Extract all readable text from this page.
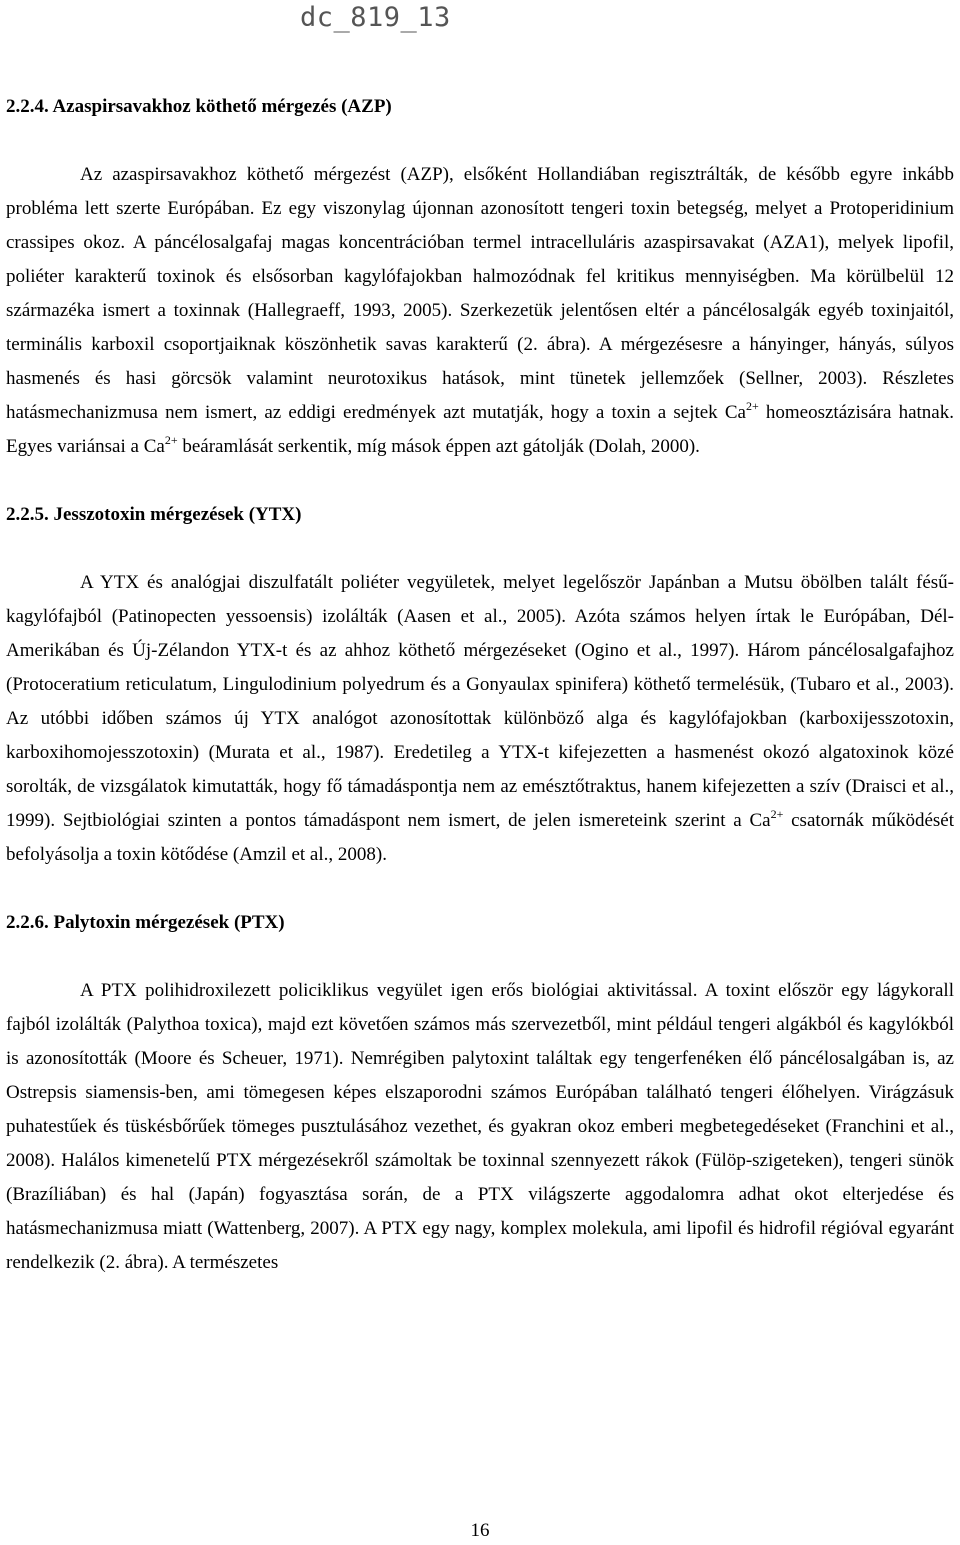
dc_819_13
2.2.4. Azaspirsavakhoz köthető mérgezés (AZP)

Az azaspirsavakhoz köthető mérgezést (AZP), elsőként Hollandiában regisztrálták, de később egyre inkább probléma lett szerte Európában. Ez egy viszonylag újonnan azonosított tengeri toxin betegség, melyet a Protoperidinium crassipes okoz. A páncélosalgafaj magas koncentrációban termel intracelluláris azaspirsavakat (AZA1), melyek lipofil, poliéter karakterű toxinok és elsősorban kagylófajokban halmozódnak fel kritikus mennyiségben. Ma körülbelül 12 származéka ismert a toxinnak (Hallegraeff, 1993, 2005). Szerkezetük jelentősen eltér a páncélosalgák egyéb toxinjaitól, terminális karboxil csoportjaiknak köszönhetik savas karakterű (2. ábra). A mérgezésesre a hányinger, hányás, súlyos hasmenés és hasi görcsök valamint neurotoxikus hatások, mint tünetek jellemzőek (Sellner, 2003). Részletes hatásmechanizmusa nem ismert, az eddigi eredmények azt mutatják, hogy a toxin a sejtek $Ca^{2+}$ homeosztázisára hatnak. Egyes variánsai a $Ca^{2+}$ beáramlását serkentik, míg mások éppen azt gátolják (Dolah, 2000).

2.2.5. Jesszotoxin mérgezések (YTX)

A YTX és analógjai diszulfatált poliéter vegyületek, melyet legelőször Japánban a Mutsu öbölben talált fésű-kagylófajból (Patinopecten yessoensis) izolálták (Aasen et al., 2005). Azóta számos helyen írtak le Európában, Dél-Amerikában és Új-Zélandon YTX-t és az ahhoz köthető mérgezéseket (Ogino et al., 1997). Három páncélosalgafajhoz (Protoceratium reticulatum, Lingulodinium polyedrum és a Gonyaulax spinifera) köthető termelésük, (Tubaro et al., 2003). Az utóbbi időben számos új YTX analógot azonosítottak különböző alga és kagylófajokban (karboxijesszotoxin, karboxihomojesszotoxin) (Murata et al., 1987). Eredetileg a YTX-t kifejezetten a hasmenést okozó algatoxinok közé sorolták, de vizsgálatok kimutatták, hogy fő támadáspontja nem az emésztőtraktus, hanem kifejezetten a szív (Draisci et al., 1999). Sejtbiológiai szinten a pontos támadáspont nem ismert, de jelen ismereteink szerint a $Ca^{2+}$ csatornák működését befolyásolja a toxin kötődése (Amzil et al., 2008).

2.2.6. Palytoxin mérgezések (PTX)

A PTX polihidroxilezett policiklikus vegyület igen erős biológiai aktivitással. A toxint először egy lágykorall fajból izolálták (Palythoa toxica), majd ezt követően számos más szervezetből, mint például tengeri algákból és kagylókból is azonosították (Moore és Scheuer, 1971). Nemrégiben palytoxint találtak egy tengerfenéken élő páncélosalgában is, az Ostrepsis siamensis-ben, ami tömegesen képes elszaporodni számos Európában található tengeri élőhelyen. Virágzásuk puhatestűek és tüskésbőrűek tömeges pusztulásához vezethet, és gyakran okoz emberi megbetegedéseket (Franchini et al., 2008). Halálos kimenetelű PTX mérgezésekről számoltak be toxinnal szennyezett rákok (Fülöp-szigeteken), tengeri sünök (Brazíliában) és hal (Japán) fogyasztása során, de a PTX világszerte aggodalomra adhat okot elterjedése és hatásmechanizmusa miatt (Wattenberg, 2007). A PTX egy nagy, komplex molekula, ami lipofil és hidrofil régióval egyaránt rendelkezik (2. ábra). A természetes

16
